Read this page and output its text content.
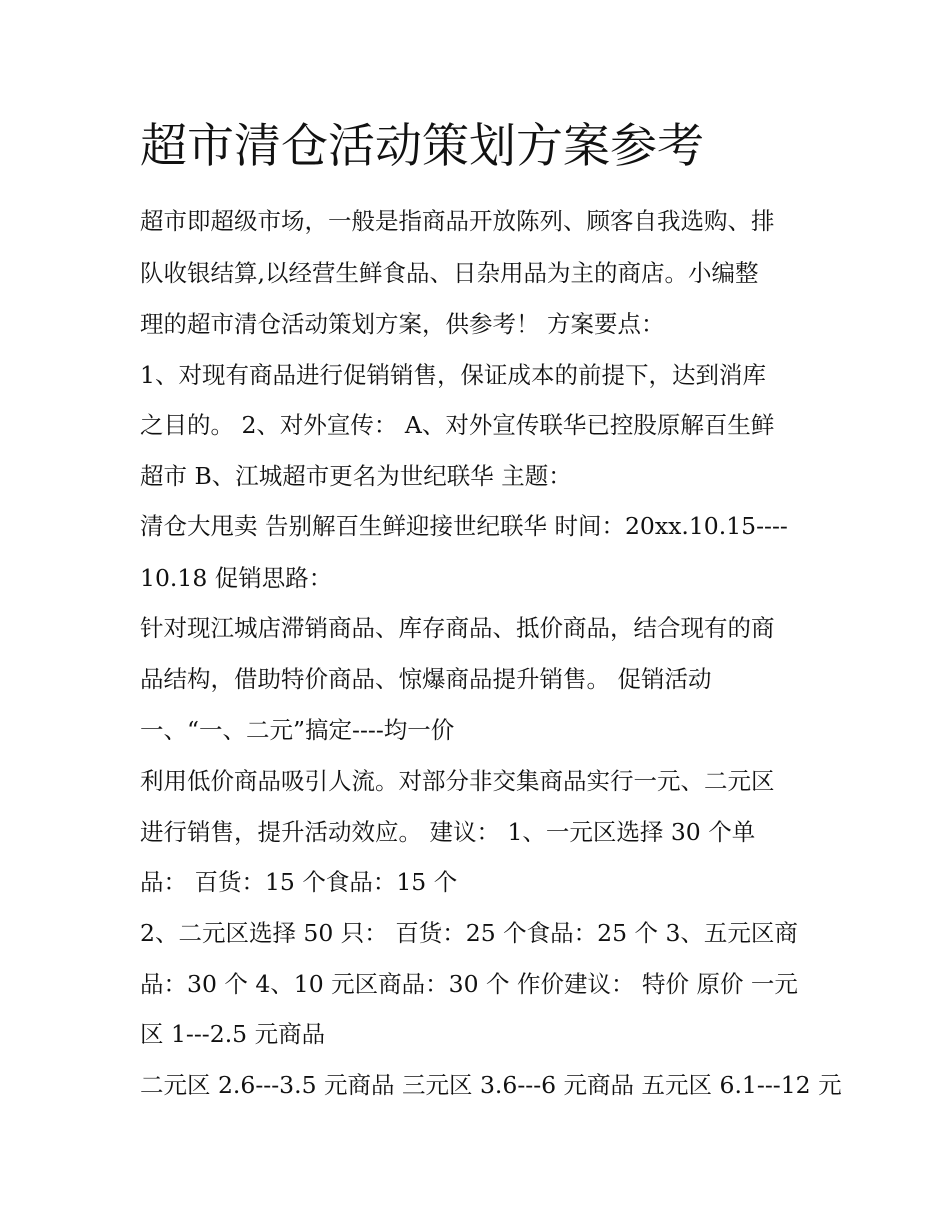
超市清仓活动策划方案参考
超市即超级市场，一般是指商品开放陈列、顾客自我选购、排
队收银结算,以经营生鲜食品、日杂用品为主的商店。小编整
理的超市清仓活动策划方案，供参考！ 方案要点：
1、对现有商品进行促销销售，保证成本的前提下，达到消库
之目的。 2、对外宣传： A、对外宣传联华已控股原解百生鲜
超市 B、江城超市更名为世纪联华 主题：
清仓大甩卖 告别解百生鲜迎接世纪联华 时间：20xx.10.15----
10.18 促销思路：
针对现江城店滞销商品、库存商品、抵价商品，结合现有的商
品结构，借助特价商品、惊爆商品提升销售。 促销活动
一、“一、二元”搞定----均一价
利用低价商品吸引人流。对部分非交集商品实行一元、二元区
进行销售，提升活动效应。 建议： 1、一元区选择 30 个单
品： 百货：15 个食品：15 个
2、二元区选择 50 只： 百货：25 个食品：25 个 3、五元区商
品：30 个 4、10 元区商品：30 个 作价建议： 特价 原价 一元
区 1---2.5 元商品
二元区 2.6---3.5 元商品 三元区 3.6---6 元商品 五元区 6.1---12 元
